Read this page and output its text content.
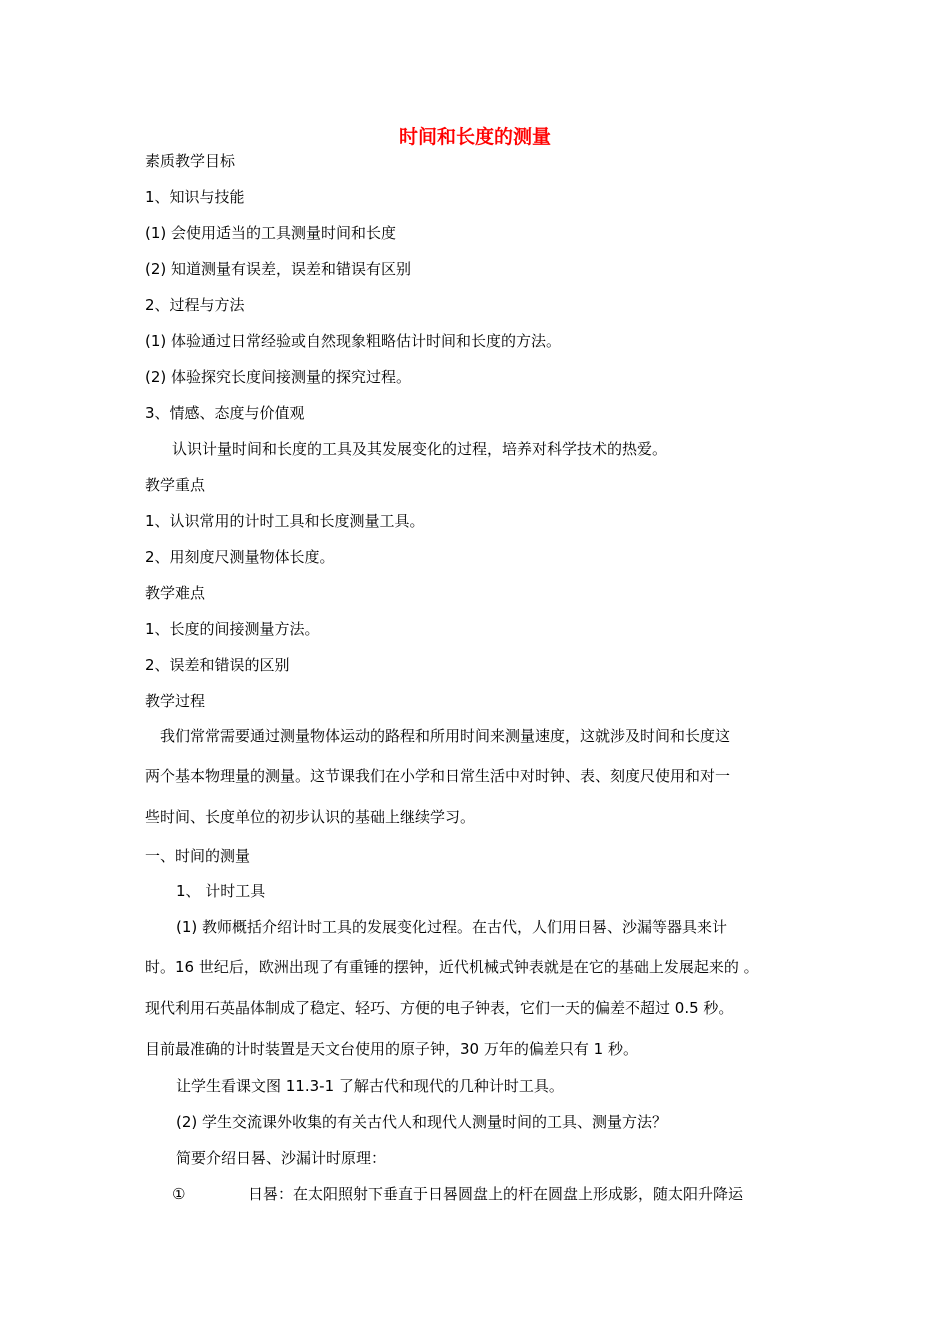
时间和长度的测量
素质教学目标
1、知识与技能
(1) 会使用适当的工具测量时间和长度
(2) 知道测量有误差，误差和错误有区别
2、过程与方法
(1) 体验通过日常经验或自然现象粗略估计时间和长度的方法。
(2) 体验探究长度间接测量的探究过程。
3、情感、态度与价值观
认识计量时间和长度的工具及其发展变化的过程，培养对科学技术的热爱。
教学重点
1、认识常用的计时工具和长度测量工具。
2、用刻度尺测量物体长度。
教学难点
1、长度的间接测量方法。
2、误差和错误的区别
教学过程
我们常常需要通过测量物体运动的路程和所用时间来测量速度，这就涉及时间和长度这
两个基本物理量的测量。这节课我们在小学和日常生活中对时钟、表、刻度尺使用和对一
些时间、长度单位的初步认识的基础上继续学习。
一、时间的测量
1、 计时工具
(1) 教师概括介绍计时工具的发展变化过程。在古代，人们用日晷、沙漏等器具来计
时。16 世纪后，欧洲出现了有重锤的摆钟，近代机械式钟表就是在它的基础上发展起来的 。
现代利用石英晶体制成了稳定、轻巧、方便的电子钟表，它们一天的偏差不超过 0.5 秒。
目前最准确的计时装置是天文台使用的原子钟，30 万年的偏差只有 1 秒。
让学生看课文图 11.3-1 了解古代和现代的几种计时工具。
(2) 学生交流课外收集的有关古代人和现代人测量时间的工具、测量方法？
简要介绍日晷、沙漏计时原理：
①	日晷：在太阳照射下垂直于日晷圆盘上的杆在圆盘上形成影，随太阳升降运
